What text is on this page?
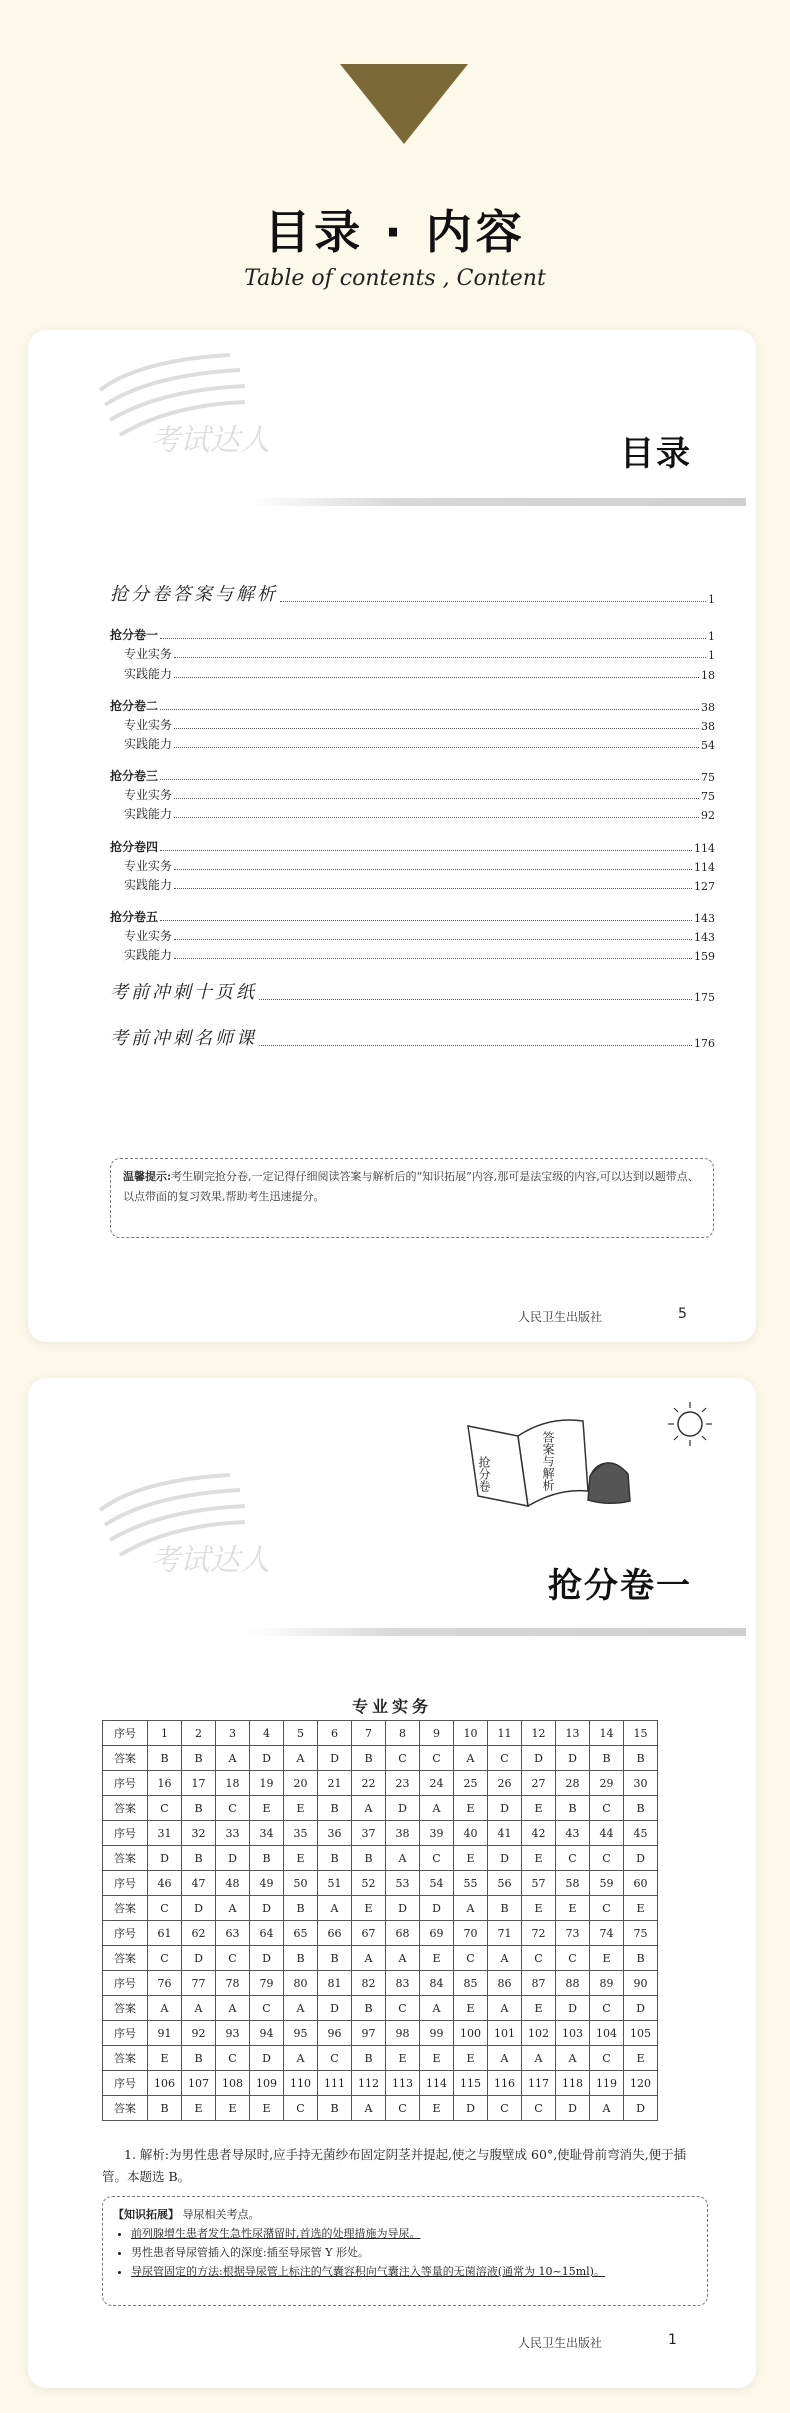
目录 · 内容
Table of contents , Content
考试达人	目录
抢分卷答案与解析	1
抢分卷一	1
专业实务	1
实践能力	18
抢分卷二	38
专业实务	38
实践能力	54
抢分卷三	75
专业实务	75
实践能力	92
抢分卷四	114
专业实务	114
实践能力	127
抢分卷五	143
专业实务	143
实践能力	159
考前冲刺十页纸	175
考前冲刺名师课	176
温馨提示:考生刷完抢分卷,一定记得仔细阅读答案与解析后的“知识拓展”内容,那可是法宝级的内容,可以达到以题带点、以点带面的复习效果,帮助考生迅速提分。
人民卫生出版社	5
考试达人
抢分卷	答案与解析
抢分卷一
专业实务
序号	1	2	3	4	5	6	7	8	9	10	11	12	13	14	15
答案	B	B	A	D	A	D	B	C	C	A	C	D	D	B	B
序号	16	17	18	19	20	21	22	23	24	25	26	27	28	29	30
答案	C	B	C	E	E	B	A	D	A	E	D	E	B	C	B
序号	31	32	33	34	35	36	37	38	39	40	41	42	43	44	45
答案	D	B	D	B	E	B	B	A	C	E	D	E	C	C	D
序号	46	47	48	49	50	51	52	53	54	55	56	57	58	59	60
答案	C	D	A	D	B	A	E	D	D	A	B	E	E	C	E
序号	61	62	63	64	65	66	67	68	69	70	71	72	73	74	75
答案	C	D	C	D	B	B	A	A	E	C	A	C	C	E	B
序号	76	77	78	79	80	81	82	83	84	85	86	87	88	89	90
答案	A	A	A	C	A	D	B	C	A	E	A	E	D	C	D
序号	91	92	93	94	95	96	97	98	99	100	101	102	103	104	105
答案	E	B	C	D	A	C	B	E	E	E	A	A	A	C	E
序号	106	107	108	109	110	111	112	113	114	115	116	117	118	119	120
答案	B	E	E	E	C	B	A	C	E	D	C	C	D	A	D
1. 解析:为男性患者导尿时,应手持无菌纱布固定阴茎并提起,使之与腹壁成 60°,使耻骨前弯消失,便于插管。本题选 B。
【知识拓展】 导尿相关考点。
• 前列腺增生患者发生急性尿潴留时,首选的处理措施为导尿。
• 男性患者导尿管插入的深度:插至导尿管 Y 形处。
• 导尿管固定的方法:根据导尿管上标注的气囊容积向气囊注入等量的无菌溶液(通常为 10~15ml)。
人民卫生出版社	1
